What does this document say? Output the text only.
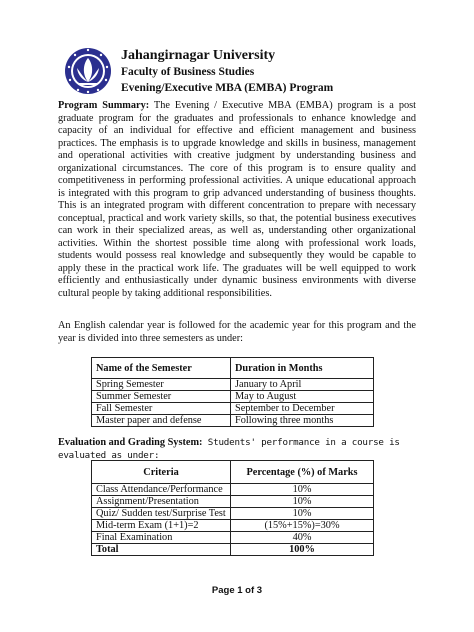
Jahangirnagar University
Faculty of Business Studies
Evening/Executive MBA (EMBA) Program
Program Summary: The Evening / Executive MBA (EMBA) program is a post graduate program for the graduates and professionals to enhance knowledge and capacity of an individual for effective and efficient management and business practices. The emphasis is to upgrade knowledge and skills in business, management and operational activities with creative judgment by understanding business and organizational circumstances. The core of this program is to ensure quality and competitiveness in performing professional activities. A unique educational approach is integrated with this program to grip advanced understanding of business thoughts. This is an integrated program with different concentration to prepare with necessary conceptual, practical and work variety skills, so that, the potential business executives can work in their specialized areas, as well as, understanding other organizational activities. Within the shortest possible time along with professional work loads, students would possess real knowledge and subsequently they would be capable to apply these in the practical work life. The graduates will be well equipped to work efficiently and enthusiastically under dynamic business environments with diverse cultural people by taking additional responsibilities.
An English calendar year is followed for the academic year for this program and the year is divided into three semesters as under:
Name of the Semester	Duration in Months
Spring Semester	January to April
Summer Semester	May to August
Fall Semester	September to December
Master paper and defense	Following three months
Evaluation and Grading System: Students' performance in a course is evaluated as under:
Criteria	Percentage (%) of Marks
Class Attendance/Performance	10%
Assignment/Presentation	10%
Quiz/ Sudden test/Surprise Test	10%
Mid-term Exam (1+1)=2	(15%+15%)=30%
Final Examination	40%
Total	100%
Page 1 of 3
